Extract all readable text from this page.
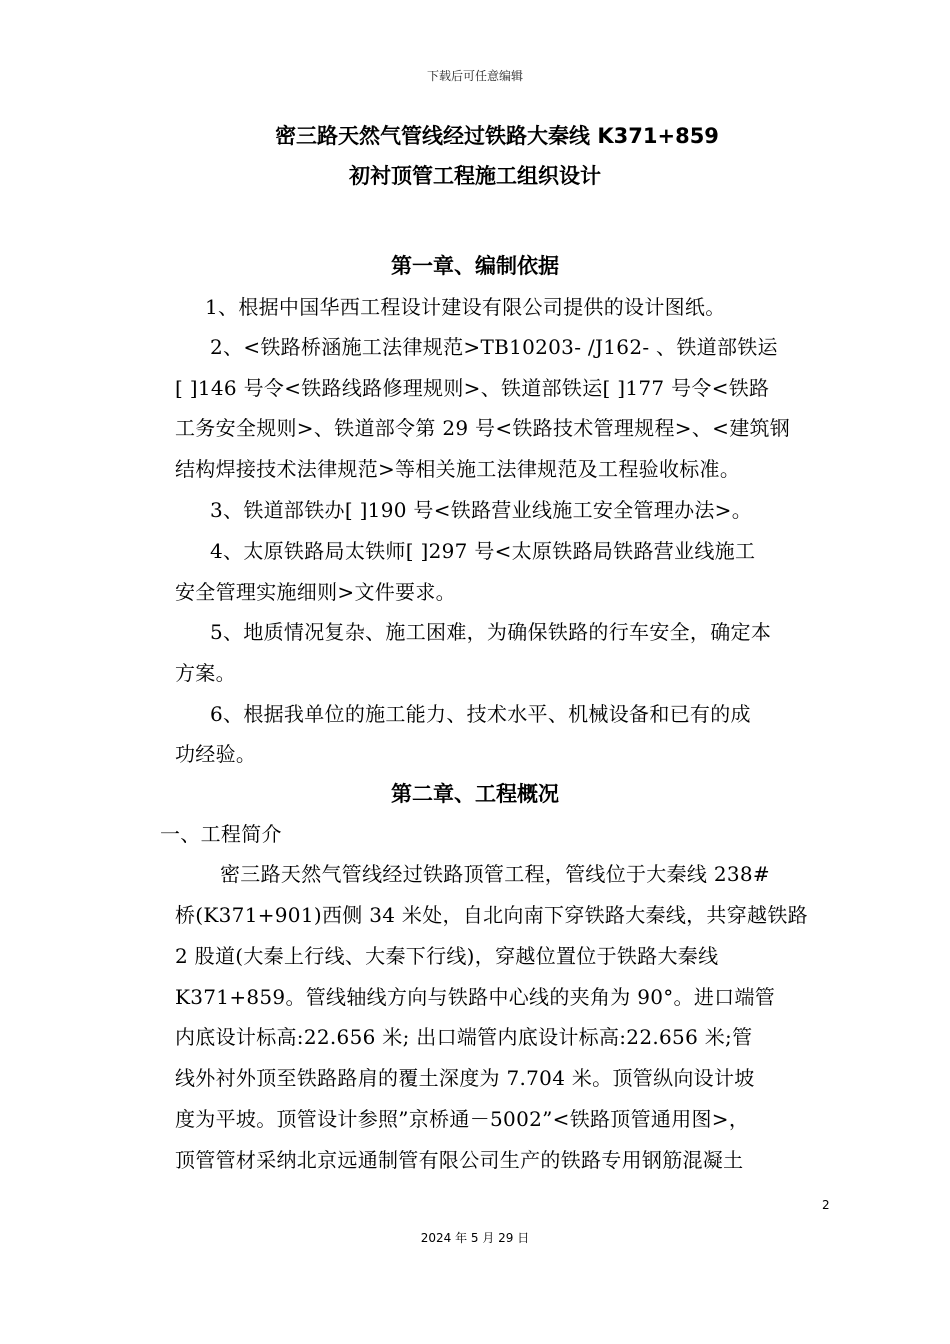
下载后可任意编辑
密三路天然气管线经过铁路大秦线 K371+859
初衬顶管工程施工组织设计
第一章、编制依据
1、根据中国华西工程设计建设有限公司提供的设计图纸。
2、<铁路桥涵施工法律规范>TB10203- /J162- 、铁道部铁运
[ ]146 号令<铁路线路修理规则>、铁道部铁运[ ]177 号令<铁路
工务安全规则>、铁道部令第 29 号<铁路技术管理规程>、<建筑钢
结构焊接技术法律规范>等相关施工法律规范及工程验收标准。
3、铁道部铁办[ ]190 号<铁路营业线施工安全管理办法>。
4、太原铁路局太铁师[ ]297 号<太原铁路局铁路营业线施工
安全管理实施细则>文件要求。
5、地质情况复杂、施工困难，为确保铁路的行车安全，确定本
方案。
6、根据我单位的施工能力、技术水平、机械设备和已有的成
功经验。
第二章、工程概况
一、工程简介
密三路天然气管线经过铁路顶管工程，管线位于大秦线 238#
桥(K371+901)西侧 34 米处，自北向南下穿铁路大秦线，共穿越铁路
2 股道(大秦上行线、大秦下行线)，穿越位置位于铁路大秦线
K371+859。管线轴线方向与铁路中心线的夹角为 90°。进口端管
内底设计标高:22.656 米; 出口端管内底设计标高:22.656 米;管
线外衬外顶至铁路路肩的覆土深度为 7.704 米。顶管纵向设计坡
度为平坡。顶管设计参照”京桥通－5002”<铁路顶管通用图>，
顶管管材采纳北京远通制管有限公司生产的铁路专用钢筋混凝土
2
2024 年 5 月 29 日
